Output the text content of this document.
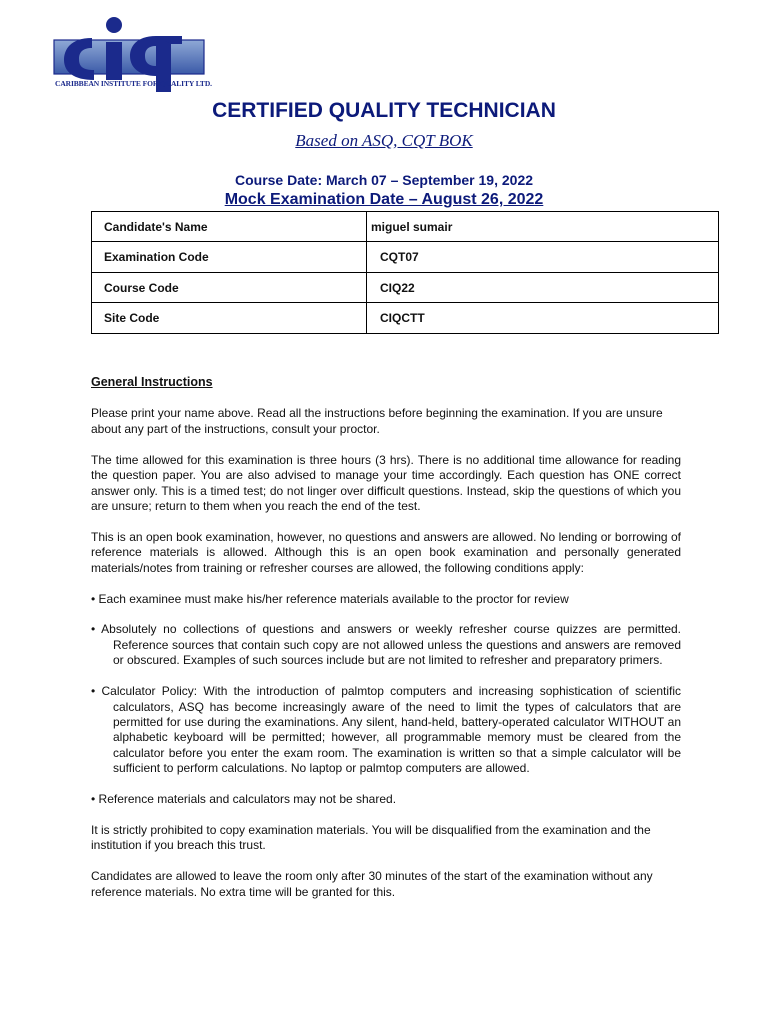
CARIBBEAN INSTITUTE FOR QUALITY LTD.
CERTIFIED QUALITY TECHNICIAN
Based on ASQ, CQT BOK
Course Date: March 07 – September 19, 2022
Mock Examination Date – August 26, 2022
Candidate's Name	miguel sumair
Examination Code	CQT07
Course Code	CIQ22
Site Code	CIQCTT
General Instructions
Please print your name above. Read all the instructions before beginning the examination. If you are unsure about any part of the instructions, consult your proctor.
The time allowed for this examination is three hours (3 hrs). There is no additional time allowance for reading the question paper. You are also advised to manage your time accordingly. Each question has ONE correct answer only. This is a timed test; do not linger over difficult questions. Instead, skip the questions of which you are unsure; return to them when you reach the end of the test.
This is an open book examination, however, no questions and answers are allowed. No lending or borrowing of reference materials is allowed. Although this is an open book examination and personally generated materials/notes from training or refresher courses are allowed, the following conditions apply:
• Each examinee must make his/her reference materials available to the proctor for review
• Absolutely no collections of questions and answers or weekly refresher course quizzes are permitted. Reference sources that contain such copy are not allowed unless the questions and answers are removed or obscured. Examples of such sources include but are not limited to refresher and preparatory primers.
• Calculator Policy: With the introduction of palmtop computers and increasing sophistication of scientific calculators, ASQ has become increasingly aware of the need to limit the types of calculators that are permitted for use during the examinations. Any silent, hand-held, battery-operated calculator WITHOUT an alphabetic keyboard will be permitted; however, all programmable memory must be cleared from the calculator before you enter the exam room. The examination is written so that a simple calculator will be sufficient to perform calculations. No laptop or palmtop computers are allowed.
• Reference materials and calculators may not be shared.
It is strictly prohibited to copy examination materials. You will be disqualified from the examination and the institution if you breach this trust.
Candidates are allowed to leave the room only after 30 minutes of the start of the examination without any reference materials. No extra time will be granted for this.
